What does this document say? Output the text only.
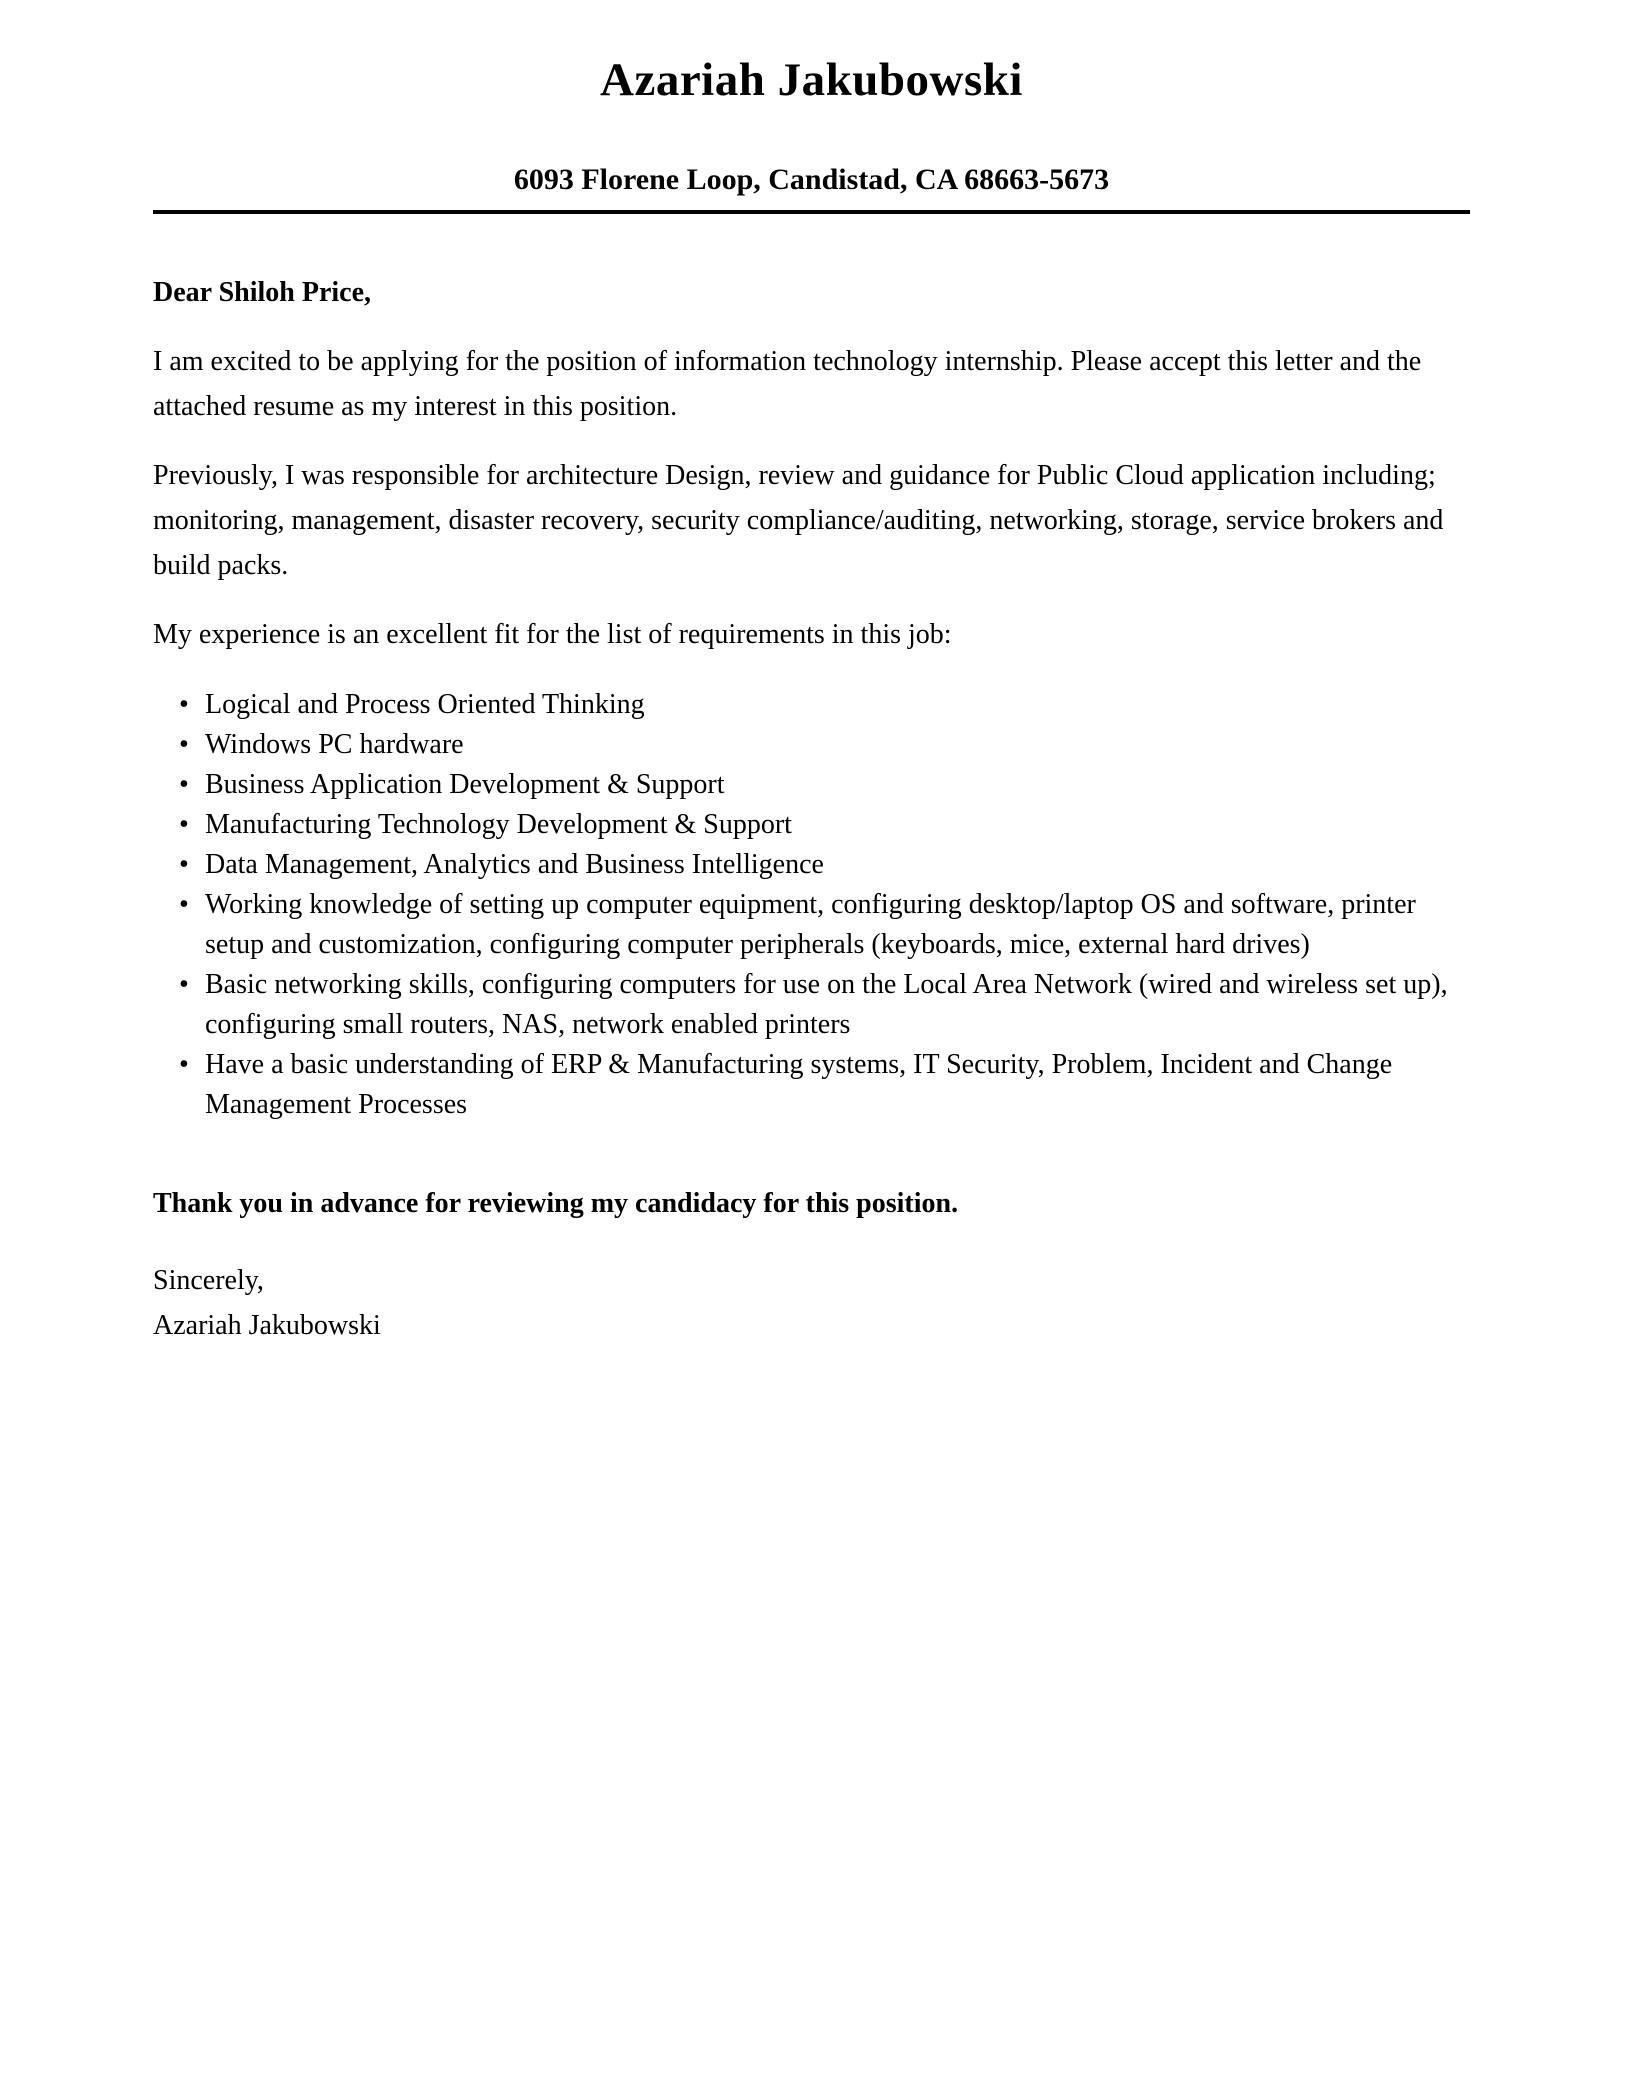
Azariah Jakubowski
6093 Florene Loop, Candistad, CA 68663-5673

Dear Shiloh Price,

I am excited to be applying for the position of information technology internship. Please accept this letter and the attached resume as my interest in this position.

Previously, I was responsible for architecture Design, review and guidance for Public Cloud application including; monitoring, management, disaster recovery, security compliance/auditing, networking, storage, service brokers and build packs.

My experience is an excellent fit for the list of requirements in this job:

• Logical and Process Oriented Thinking
• Windows PC hardware
• Business Application Development & Support
• Manufacturing Technology Development & Support
• Data Management, Analytics and Business Intelligence
• Working knowledge of setting up computer equipment, configuring desktop/laptop OS and software, printer setup and customization, configuring computer peripherals (keyboards, mice, external hard drives)
• Basic networking skills, configuring computers for use on the Local Area Network (wired and wireless set up), configuring small routers, NAS, network enabled printers
• Have a basic understanding of ERP & Manufacturing systems, IT Security, Problem, Incident and Change Management Processes

Thank you in advance for reviewing my candidacy for this position.

Sincerely,

Azariah Jakubowski
